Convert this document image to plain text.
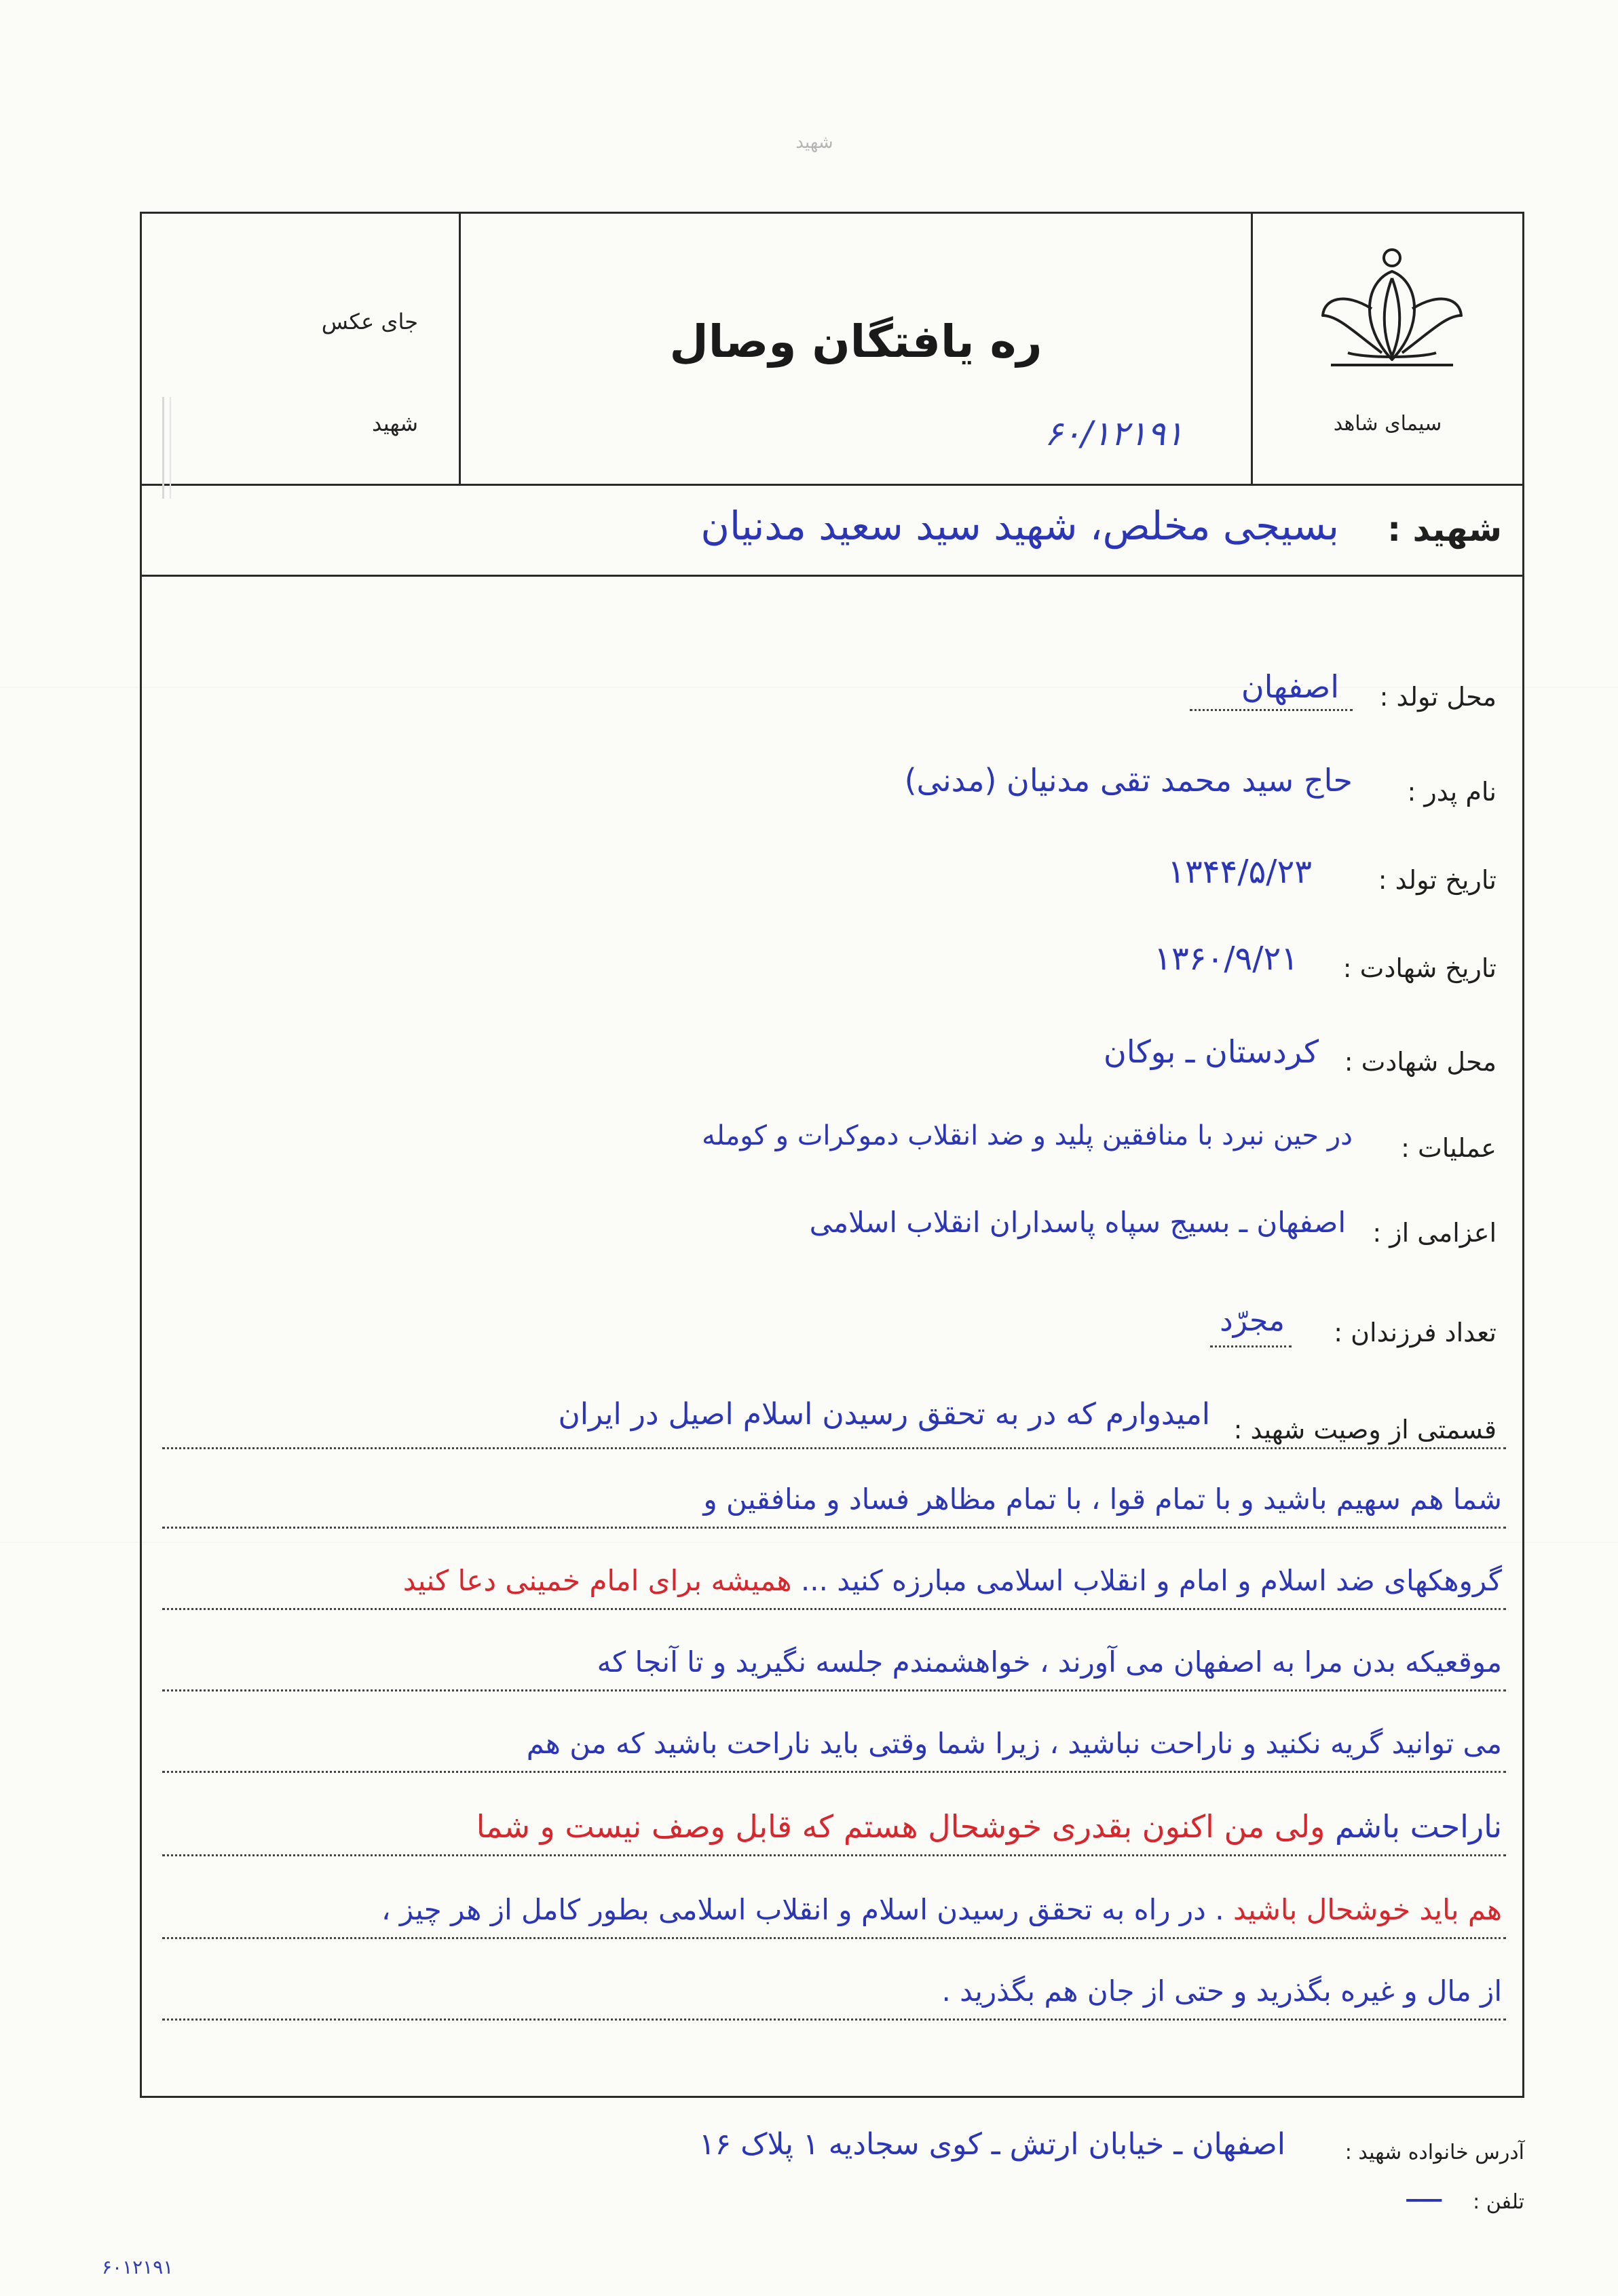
شهید
سیمای شاهد
ره یافتگان وصال
۶۰/۱۲۱۹۱
جای عکس
شهید
شهید :
بسیجی مخلص، شهید سید سعید مدنیان
محل تولد :
اصفهان
نام پدر :
حاج سید محمد تقی مدنیان (مدنی)
تاریخ تولد :
۱۳۴۴/۵/۲۳
تاریخ شهادت :
۱۳۶۰/۹/۲۱
محل شهادت :
کردستان ـ بوکان
عملیات :
در حین نبرد با منافقین پلید و ضد انقلاب دموکرات و کومله
اعزامی از :
اصفهان ـ بسیج سپاه پاسداران انقلاب اسلامی
تعداد فرزندان :
مجرّد
قسمتی از وصیت شهید :
امیدوارم که در به تحقق رسیدن اسلام اصیل در ایران
شما هم سهیم باشید و با تمام قوا ، با تمام مظاهر فساد و منافقین و
گروهکهای ضد اسلام و امام و انقلاب اسلامی مبارزه کنید ... همیشه برای امام خمینی دعا کنید
موقعیکه بدن مرا به اصفهان می آورند ، خواهشمندم جلسه نگیرید و تا آنجا که
می توانید گریه نکنید و ناراحت نباشید ، زیرا شما وقتی باید ناراحت باشید که من هم
ناراحت باشم ولی من اکنون بقدری خوشحال هستم که قابل وصف نیست و شما
هم باید خوشحال باشید . در راه به تحقق رسیدن اسلام و انقلاب اسلامی بطور کامل از هر چیز ،
از مال و غیره بگذرید و حتی از جان هم بگذرید .
آدرس خانواده شهید :
اصفهان ـ خیابان ارتش ـ کوی سجادیه ۱ پلاک ۱۶
تلفن :
ــــ
۶۰۱۲۱۹۱
